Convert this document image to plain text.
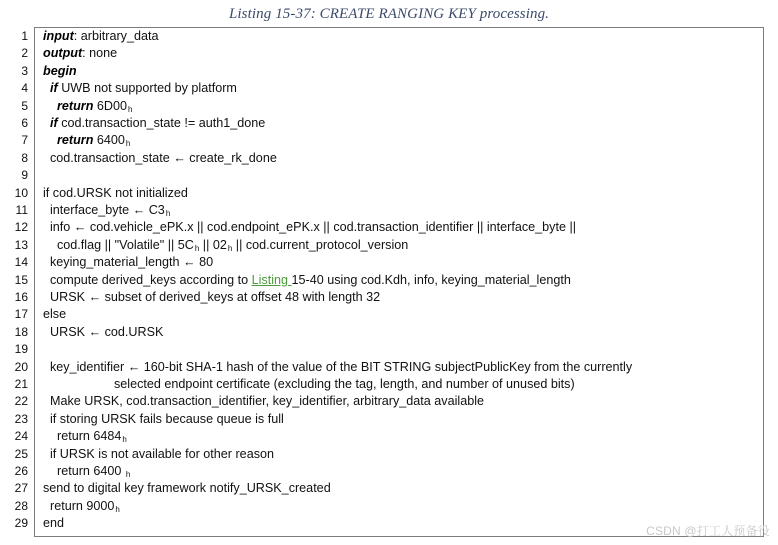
Listing 15-37: CREATE RANGING KEY processing.
1
2
3
4
5
6
7
8
9
10
11
12
13
14
15
16
17
18
19
20
21
22
23
24
25
26
27
28
29
input: arbitrary_data
output: none
begin
if UWB not supported by platform
return $6D00_h$
if cod.transaction_state != auth1_done
return $6400_h$
cod.transaction_state ← create_rk_done
if cod.URSK not initialized
interface_byte ← $C3_h$
info ← cod.vehicle_ePK.x || cod.endpoint_ePK.x || cod.transaction_identifier || interface_byte ||
cod.flag || "Volatile" || $5C_h$ || $02_h$ || cod.current_protocol_version
keying_material_length ← 80
compute derived_keys according to Listing 15-40 using cod.Kdh, info, keying_material_length
URSK ← subset of derived_keys at offset 48 with length 32
else
URSK ← cod.URSK
key_identifier ← 160-bit SHA-1 hash of the value of the BIT STRING subjectPublicKey from the currently
selected endpoint certificate (excluding the tag, length, and number of unused bits)
Make URSK, cod.transaction_identifier, key_identifier, arbitrary_data available
if storing URSK fails because queue is full
return $6484_h$
if URSK is not available for other reason
return 6400 $_h$
send to digital key framework notify_URSK_created
return $9000_h$
end
CSDN @打工人预备役
